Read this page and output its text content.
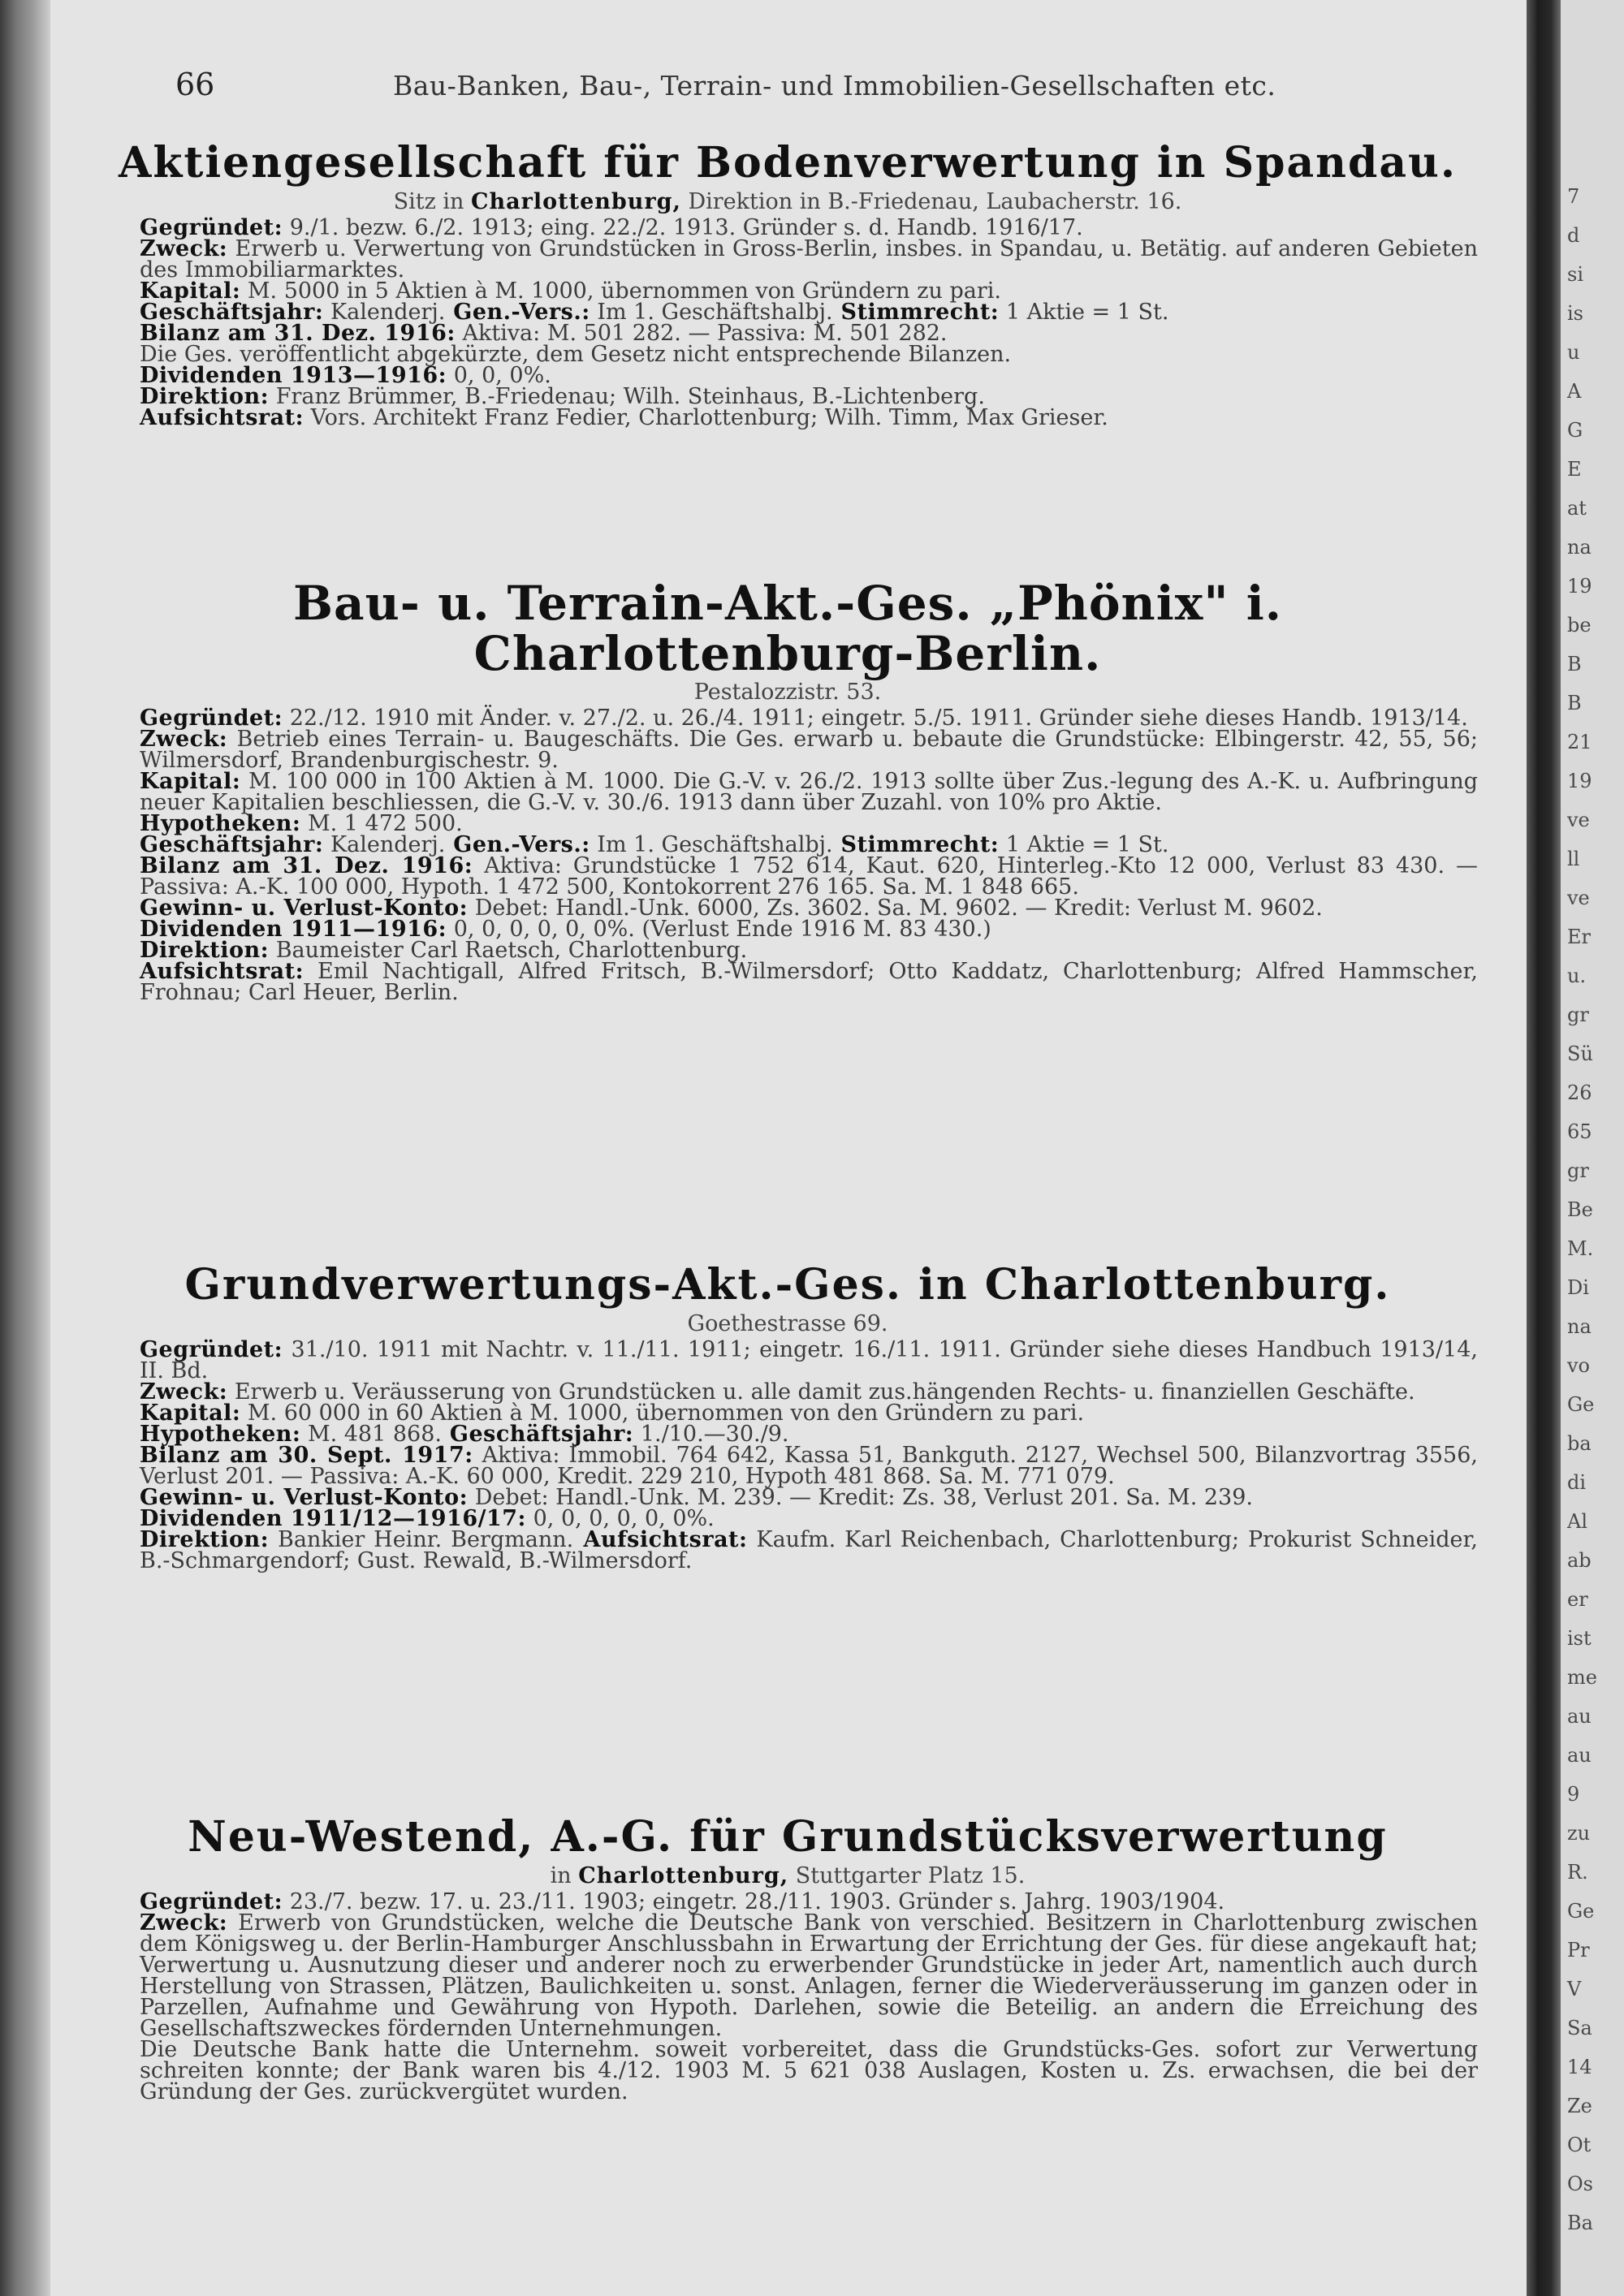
7
d
si
is
u
A
G
E
at
na
19
be
B
B
21
19
ve
ll
ve
Er
u.
gr
Sü
26
65
gr
Be
M.
Di
na
vo
Ge
ba
di
Al
ab
er
ist
me
au
au
9
zu
R.
Ge
Pr
V
Sa
14
Ze
Ot
Os
Ba
66	Bau-Banken, Bau-, Terrain- und Immobilien-Gesellschaften etc.
Aktiengesellschaft für Bodenverwertung in Spandau.

Sitz in Charlottenburg, Direktion in B.-Friedenau, Laubacherstr. 16.

Gegründet: 9./1. bezw. 6./2. 1913; eing. 22./2. 1913. Gründer s. d. Handb. 1916/17.

Zweck: Erwerb u. Verwertung von Grundstücken in Gross-Berlin, insbes. in Spandau, u. Betätig. auf anderen Gebieten des Immobiliarmarktes.

Kapital: M. 5000 in 5 Aktien à M. 1000, übernommen von Gründern zu pari.

Geschäftsjahr: Kalenderj. Gen.-Vers.: Im 1. Geschäftshalbj. Stimmrecht: 1 Aktie = 1 St.

Bilanz am 31. Dez. 1916: Aktiva: M. 501 282. — Passiva: M. 501 282.

Die Ges. veröffentlicht abgekürzte, dem Gesetz nicht entsprechende Bilanzen.

Dividenden 1913—1916: 0, 0, 0%.

Direktion: Franz Brümmer, B.-Friedenau; Wilh. Steinhaus, B.-Lichtenberg.

Aufsichtsrat: Vors. Architekt Franz Fedier, Charlottenburg; Wilh. Timm, Max Grieser.

Bau- u. Terrain-Akt.-Ges. „Phönix" i. Charlottenburg-Berlin.

Pestalozzistr. 53.

Gegründet: 22./12. 1910 mit Änder. v. 27./2. u. 26./4. 1911; eingetr. 5./5. 1911. Gründer siehe dieses Handb. 1913/14.

Zweck: Betrieb eines Terrain- u. Baugeschäfts. Die Ges. erwarb u. bebaute die Grundstücke: Elbingerstr. 42, 55, 56; Wilmersdorf, Brandenburgischestr. 9.

Kapital: M. 100 000 in 100 Aktien à M. 1000. Die G.-V. v. 26./2. 1913 sollte über Zus.-legung des A.-K. u. Aufbringung neuer Kapitalien beschliessen, die G.-V. v. 30./6. 1913 dann über Zuzahl. von 10% pro Aktie.

Hypotheken: M. 1 472 500.

Geschäftsjahr: Kalenderj. Gen.-Vers.: Im 1. Geschäftshalbj. Stimmrecht: 1 Aktie = 1 St.

Bilanz am 31. Dez. 1916: Aktiva: Grundstücke 1 752 614, Kaut. 620, Hinterleg.-Kto 12 000, Verlust 83 430. — Passiva: A.-K. 100 000, Hypoth. 1 472 500, Kontokorrent 276 165. Sa. M. 1 848 665.

Gewinn- u. Verlust-Konto: Debet: Handl.-Unk. 6000, Zs. 3602. Sa. M. 9602. — Kredit: Verlust M. 9602.

Dividenden 1911—1916: 0, 0, 0, 0, 0, 0%. (Verlust Ende 1916 M. 83 430.)

Direktion: Baumeister Carl Raetsch, Charlottenburg.

Aufsichtsrat: Emil Nachtigall, Alfred Fritsch, B.-Wilmersdorf; Otto Kaddatz, Charlottenburg; Alfred Hammscher, Frohnau; Carl Heuer, Berlin.

Grundverwertungs-Akt.-Ges. in Charlottenburg.

Goethestrasse 69.

Gegründet: 31./10. 1911 mit Nachtr. v. 11./11. 1911; eingetr. 16./11. 1911. Gründer siehe dieses Handbuch 1913/14, II. Bd.

Zweck: Erwerb u. Veräusserung von Grundstücken u. alle damit zus.hängenden Rechts- u. finanziellen Geschäfte.

Kapital: M. 60 000 in 60 Aktien à M. 1000, übernommen von den Gründern zu pari.

Hypotheken: M. 481 868. Geschäftsjahr: 1./10.—30./9.

Bilanz am 30. Sept. 1917: Aktiva: Immobil. 764 642, Kassa 51, Bankguth. 2127, Wechsel 500, Bilanzvortrag 3556, Verlust 201. — Passiva: A.-K. 60 000, Kredit. 229 210, Hypoth 481 868. Sa. M. 771 079.

Gewinn- u. Verlust-Konto: Debet: Handl.-Unk. M. 239. — Kredit: Zs. 38, Verlust 201. Sa. M. 239.

Dividenden 1911/12—1916/17: 0, 0, 0, 0, 0, 0%.

Direktion: Bankier Heinr. Bergmann. Aufsichtsrat: Kaufm. Karl Reichenbach, Charlottenburg; Prokurist Schneider, B.-Schmargendorf; Gust. Rewald, B.-Wilmersdorf.

Neu-Westend, A.-G. für Grundstücksverwertung

in Charlottenburg, Stuttgarter Platz 15.

Gegründet: 23./7. bezw. 17. u. 23./11. 1903; eingetr. 28./11. 1903. Gründer s. Jahrg. 1903/1904.

Zweck: Erwerb von Grundstücken, welche die Deutsche Bank von verschied. Besitzern in Charlottenburg zwischen dem Königsweg u. der Berlin-Hamburger Anschlussbahn in Erwartung der Errichtung der Ges. für diese angekauft hat; Verwertung u. Ausnutzung dieser und anderer noch zu erwerbender Grundstücke in jeder Art, namentlich auch durch Herstellung von Strassen, Plätzen, Baulichkeiten u. sonst. Anlagen, ferner die Wiederveräusserung im ganzen oder in Parzellen, Aufnahme und Gewährung von Hypoth. Darlehen, sowie die Beteilig. an andern die Erreichung des Gesellschaftszweckes fördernden Unternehmungen.

Die Deutsche Bank hatte die Unternehm. soweit vorbereitet, dass die Grundstücks-Ges. sofort zur Verwertung schreiten konnte; der Bank waren bis 4./12. 1903 M. 5 621 038 Auslagen, Kosten u. Zs. erwachsen, die bei der Gründung der Ges. zurückvergütet wurden.
